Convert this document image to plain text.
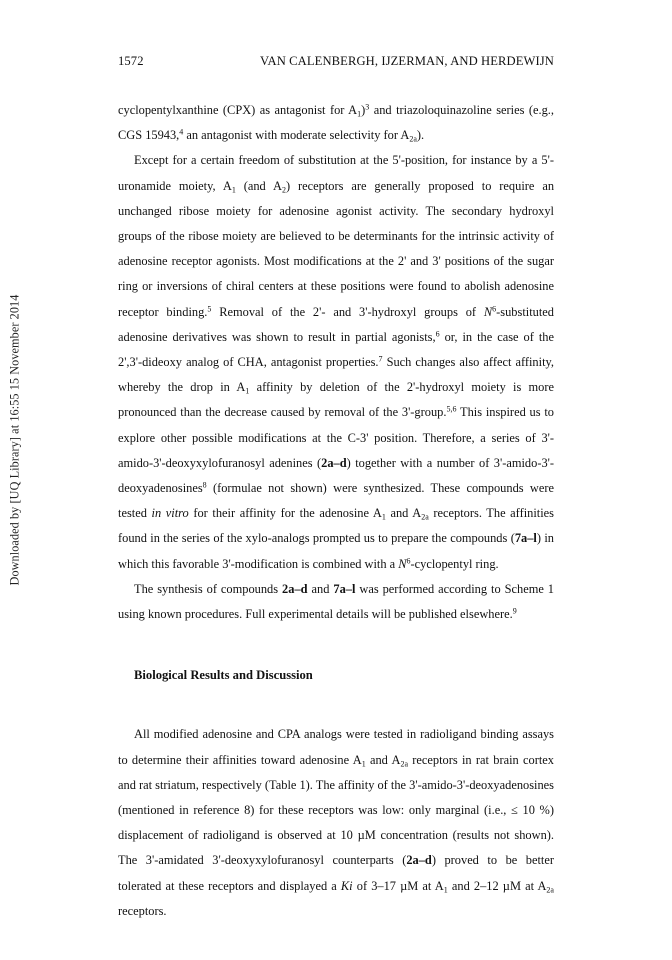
Downloaded by [UQ Library] at 16:55 15 November 2014
1572	VAN CALENBERGH, IJZERMAN, AND HERDEWIJN

cyclopentylxanthine (CPX) as antagonist for $A_1)^3$ and triazoloquinazoline series (e.g., CGS 15943,$^4$ an antagonist with moderate selectivity for $A_{2a}$).

Except for a certain freedom of substitution at the 5'-position, for instance by a 5'-uronamide moiety, $A_1$ (and $A_2$) receptors are generally proposed to require an unchanged ribose moiety for adenosine agonist activity. The secondary hydroxyl groups of the ribose moiety are believed to be determinants for the intrinsic activity of adenosine receptor agonists. Most modifications at the 2' and 3' positions of the sugar ring or inversions of chiral centers at these positions were found to abolish adenosine receptor binding.$^5$ Removal of the 2'- and 3'-hydroxyl groups of $N^6$-substituted adenosine derivatives was shown to result in partial agonists,$^6$ or, in the case of the 2',3'-dideoxy analog of CHA, antagonist properties.$^7$ Such changes also affect affinity, whereby the drop in $A_1$ affinity by deletion of the 2'-hydroxyl moiety is more pronounced than the decrease caused by removal of the 3'-group.$^{5,6}$ This inspired us to explore other possible modifications at the C-3' position. Therefore, a series of 3'-amido-3'-deoxyxylofuranosyl adenines (2a–d) together with a number of 3'-amido-3'-deoxyadenosines$^8$ (formulae not shown) were synthesized. These compounds were tested in vitro for their affinity for the adenosine $A_1$ and $A_{2a}$ receptors. The affinities found in the series of the xylo-analogs prompted us to prepare the compounds (7a–l) in which this favorable 3'-modification is combined with a $N^6$-cyclopentyl ring.

The synthesis of compounds 2a–d and 7a–l was performed according to Scheme 1 using known procedures. Full experimental details will be published elsewhere.$^9$

Biological Results and Discussion

All modified adenosine and CPA analogs were tested in radioligand binding assays to determine their affinities toward adenosine $A_1$ and $A_{2a}$ receptors in rat brain cortex and rat striatum, respectively (Table 1). The affinity of the 3'-amido-3'-deoxyadenosines (mentioned in reference 8) for these receptors was low: only marginal (i.e., ≤ 10 %) displacement of radioligand is observed at 10 µM concentration (results not shown). The 3'-amidated 3'-deoxyxylofuranosyl counterparts (2a–d) proved to be better tolerated at these receptors and displayed a Ki of 3–17 µM at $A_1$ and 2–12 µM at $A_{2a}$ receptors.
